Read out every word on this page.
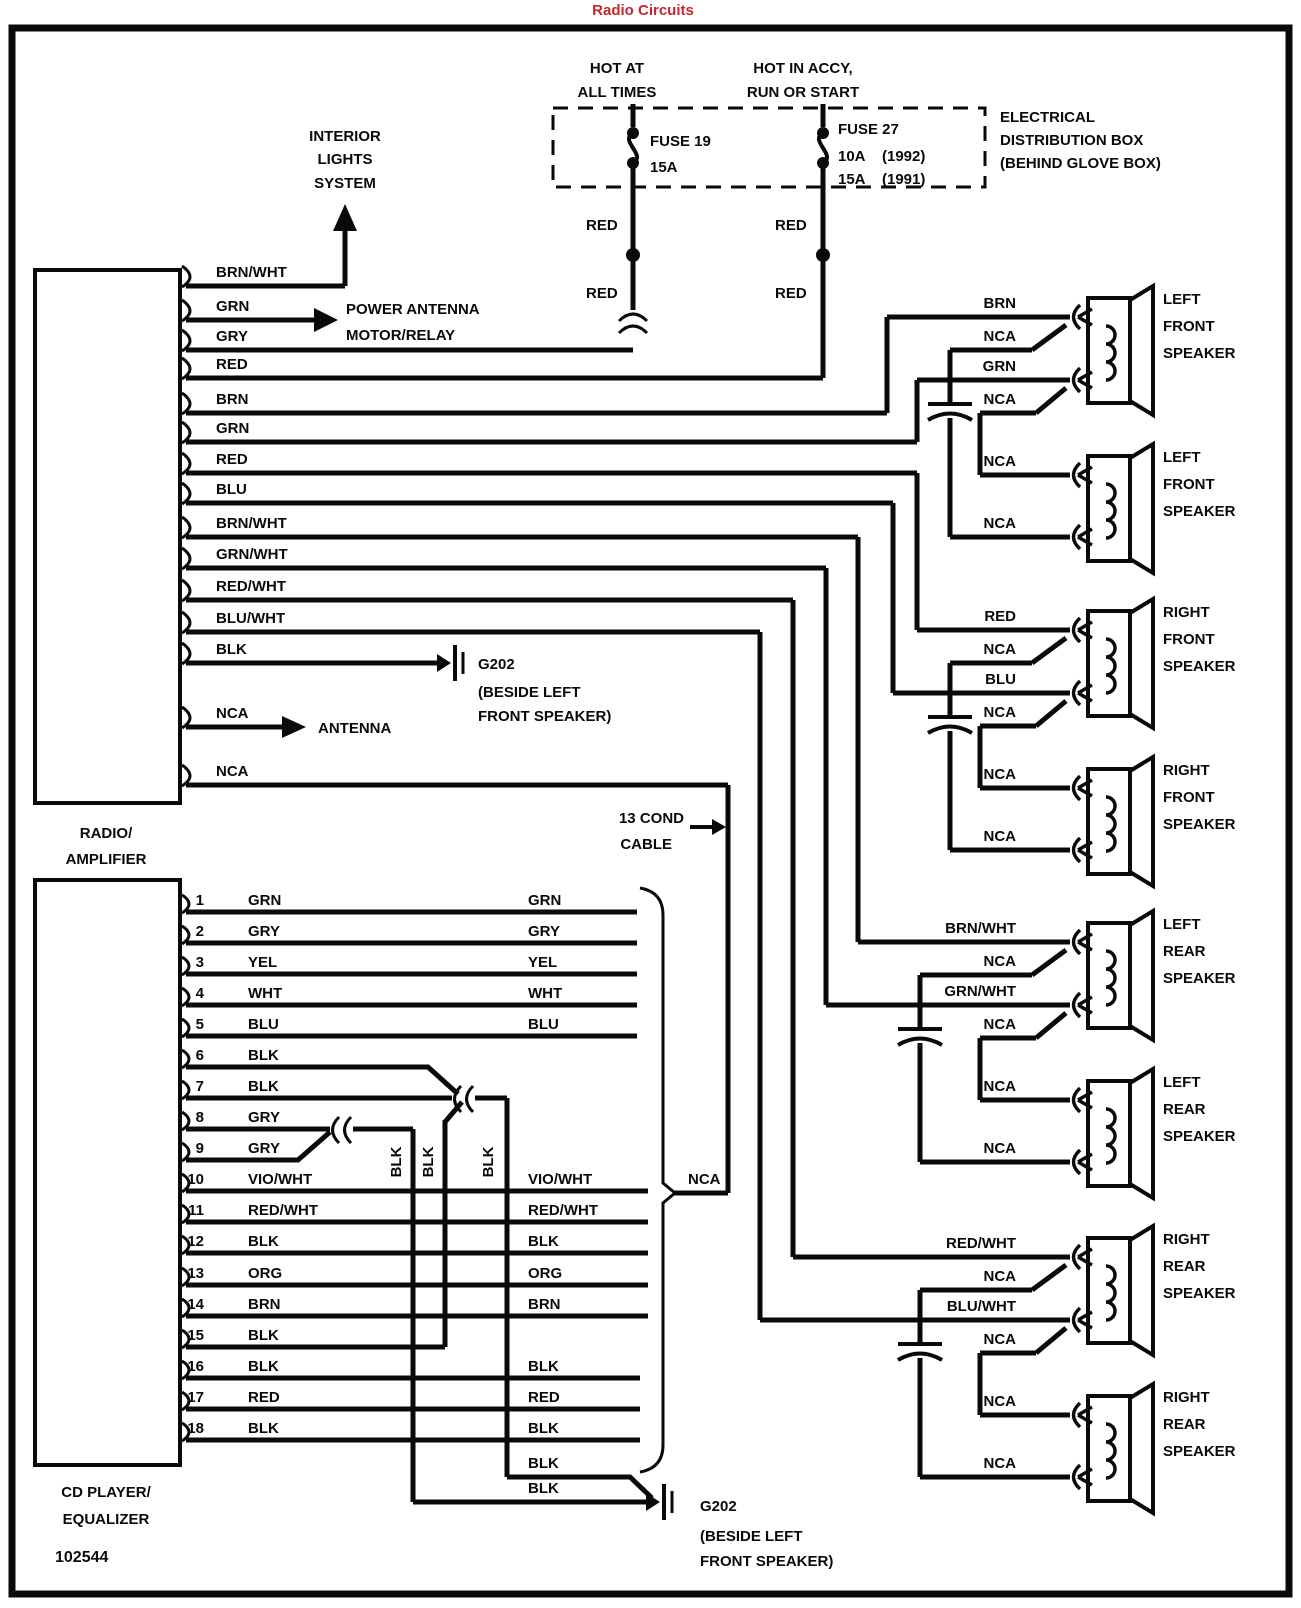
Radio Circuits
HOT AT
ALL TIMES
HOT IN ACCY,
RUN OR START
FUSE 19
15A
FUSE 27
10A (1992)
15A (1991)
ELECTRICAL
DISTRIBUTION BOX
(BEHIND GLOVE BOX)
RED
RED
RED
RED
INTERIOR
LIGHTS
SYSTEM
POWER ANTENNA
MOTOR/RELAY
ANTENNA
G202
(BESIDE LEFT
FRONT SPEAKER)
RADIO/
AMPLIFIER
BRN/WHT
GRN
GRY
RED
BRN
GRN
RED
BLU
BRN/WHT
GRN/WHT
RED/WHT
BLU/WHT
BLK
NCA
NCA
13 COND
CABLE
BRN
NCA
GRN
NCA
NCA
NCA
RED
NCA
BLU
NCA
NCA
NCA
BRN/WHT
NCA
GRN/WHT
NCA
NCA
NCA
RED/WHT
NCA
BLU/WHT
NCA
NCA
NCA
LEFT
FRONT
SPEAKER
LEFT
FRONT
SPEAKER
RIGHT
FRONT
SPEAKER
RIGHT
FRONT
SPEAKER
LEFT
REAR
SPEAKER
LEFT
REAR
SPEAKER
RIGHT
REAR
SPEAKER
RIGHT
REAR
SPEAKER
CD PLAYER/
EQUALIZER
BLK BLK	BLK
1	GRN	GRN
2	GRY	GRY
3	YEL	YEL
4	WHT	WHT
5	BLU	BLU
6	BLK
7	BLK
8	GRY
9	GRY
10	VIO/WHT	VIO/WHT
11	RED/WHT	RED/WHT
12	BLK	BLK
13	ORG	ORG
14	BRN	BRN
15	BLK
16	BLK	BLK
17	RED	RED
18	BLK	BLK
BLK
BLK
NCA
G202
(BESIDE LEFT
FRONT SPEAKER)
102544
